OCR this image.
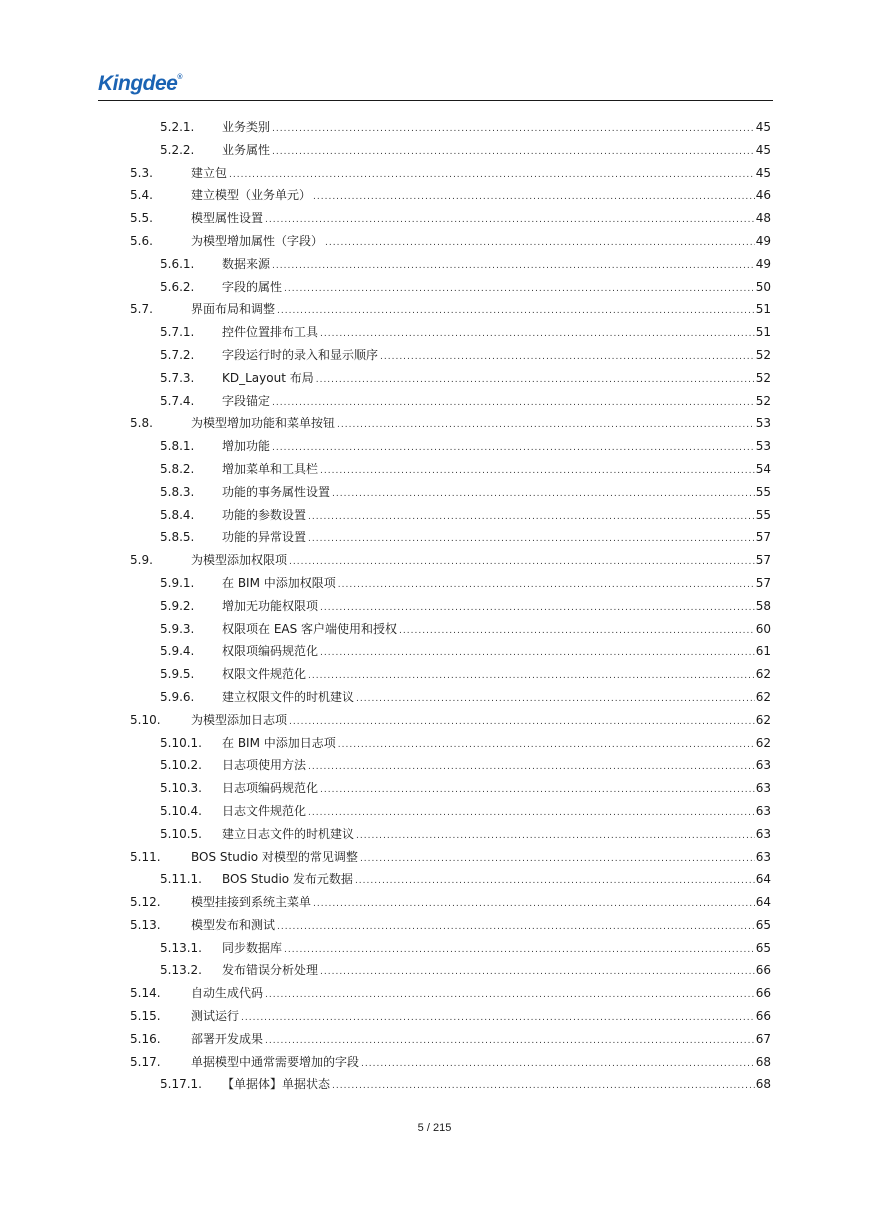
Kingdee®
5.2.1. 业务类别 .....	45
5.2.2. 业务属性 .....	45
5.3.	建立包 .....	45
5.4.	建立模型（业务单元） .....	46
5.5.	模型属性设置 .....	48
5.6.	为模型增加属性（字段） .....	49
5.6.1. 数据来源 .....	49
5.6.2. 字段的属性 .....	50
5.7.	界面布局和调整 .....	51
5.7.1. 控件位置排布工具 .....	51
5.7.2. 字段运行时的录入和显示顺序 .....	52
5.7.3. KD_Layout 布局 .....	52
5.7.4. 字段锚定 .....	52
5.8.	为模型增加功能和菜单按钮 .....	53
5.8.1. 增加功能 .....	53
5.8.2. 增加菜单和工具栏 .....	54
5.8.3. 功能的事务属性设置 .....	55
5.8.4. 功能的参数设置 .....	55
5.8.5. 功能的异常设置 .....	57
5.9.	为模型添加权限项 .....	57
5.9.1. 在 BIM 中添加权限项 .....	57
5.9.2. 增加无功能权限项 .....	58
5.9.3. 权限项在 EAS 客户端使用和授权 .....	60
5.9.4. 权限项编码规范化 .....	61
5.9.5. 权限文件规范化 .....	62
5.9.6. 建立权限文件的时机建议 .....	62
5.10.	为模型添加日志项 .....	62
5.10.1. 在 BIM 中添加日志项 .....	62
5.10.2. 日志项使用方法 .....	63
5.10.3. 日志项编码规范化 .....	63
5.10.4. 日志文件规范化 .....	63
5.10.5. 建立日志文件的时机建议 .....	63
5.11.	BOS Studio 对模型的常见调整 .....	63
5.11.1. BOS Studio 发布元数据 .....	64
5.12.	模型挂接到系统主菜单 .....	64
5.13.	模型发布和测试 .....	65
5.13.1. 同步数据库 .....	65
5.13.2. 发布错误分析处理 .....	66
5.14.	自动生成代码 .....	66
5.15.	测试运行 .....	66
5.16.	部署开发成果 .....	67
5.17.	单据模型中通常需要增加的字段 .....	68
5.17.1. 【单据体】单据状态 .....	68
5 / 215
